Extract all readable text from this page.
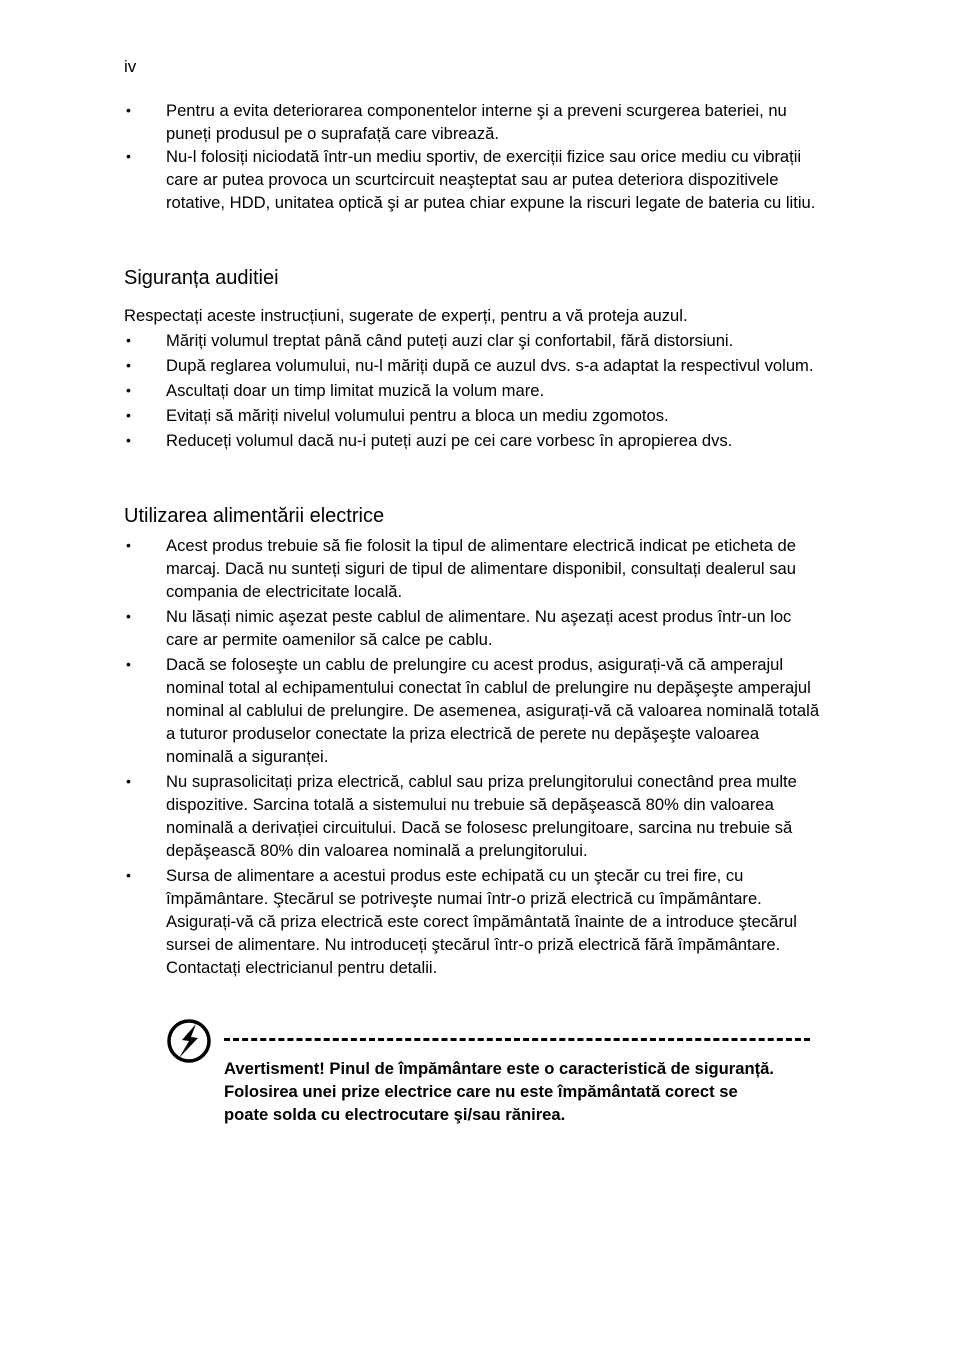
iv
• Pentru a evita deteriorarea componentelor interne şi a preveni scurgerea bateriei, nu puneți produsul pe o suprafață care vibrează.
• Nu-l folosiți niciodată într-un mediu sportiv, de exerciții fizice sau orice mediu cu vibrații care ar putea provoca un scurtcircuit neaşteptat sau ar putea deteriora dispozitivele rotative, HDD, unitatea optică şi ar putea chiar expune la riscuri legate de bateria cu litiu.
Siguranța auditiei

Respectați aceste instrucțiuni, sugerate de experți, pentru a vă proteja auzul.

• Măriți volumul treptat până când puteți auzi clar şi confortabil, fără distorsiuni.
• După reglarea volumului, nu-l măriți după ce auzul dvs. s-a adaptat la respectivul volum.
• Ascultați doar un timp limitat muzică la volum mare.
• Evitați să măriți nivelul volumului pentru a bloca un mediu zgomotos.
• Reduceți volumul dacă nu-i puteți auzi pe cei care vorbesc în apropierea dvs.
Utilizarea alimentării electrice
• Acest produs trebuie să fie folosit la tipul de alimentare electrică indicat pe eticheta de marcaj. Dacă nu sunteți siguri de tipul de alimentare disponibil, consultați dealerul sau compania de electricitate locală.
• Nu lăsați nimic aşezat peste cablul de alimentare. Nu aşezați acest produs într-un loc care ar permite oamenilor să calce pe cablu.
• Dacă se foloseşte un cablu de prelungire cu acest produs, asigurați-vă că amperajul nominal total al echipamentului conectat în cablul de prelungire nu depăşeşte amperajul nominal al cablului de prelungire. De asemenea, asigurați-vă că valoarea nominală totală a tuturor produselor conectate la priza electrică de perete nu depăşeşte valoarea nominală a siguranței.
• Nu suprasolicitați priza electrică, cablul sau priza prelungitorului conectând prea multe dispozitive. Sarcina totală a sistemului nu trebuie să depăşească 80% din valoarea nominală a derivației circuitului. Dacă se folosesc prelungitoare, sarcina nu trebuie să depăşească 80% din valoarea nominală a prelungitorului.
• Sursa de alimentare a acestui produs este echipată cu un ştecăr cu trei fire, cu împământare. Ştecărul se potriveşte numai într-o priză electrică cu împământare. Asigurați-vă că priza electrică este corect împământată înainte de a introduce ştecărul sursei de alimentare. Nu introduceți ştecărul într-o priză electrică fără împământare. Contactați electricianul pentru detalii.

Avertisment! Pinul de împământare este o caracteristică de siguranță. Folosirea unei prize electrice care nu este împământată corect se poate solda cu electrocutare şi/sau rănirea.
